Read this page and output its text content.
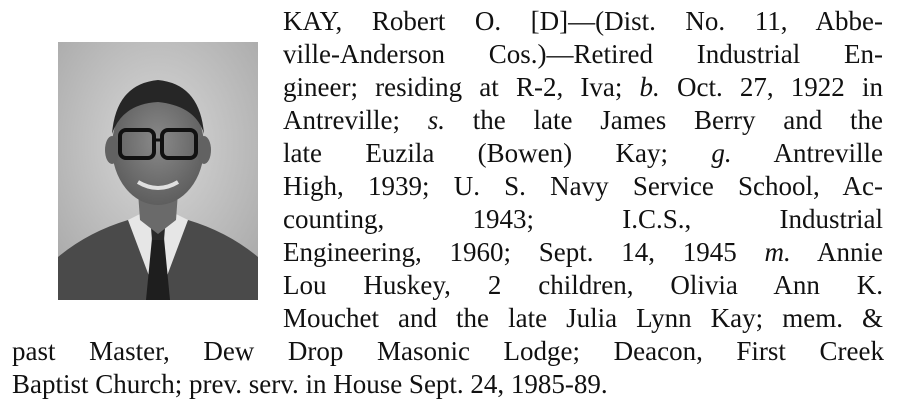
KAY, Robert O. [D]—(Dist. No. 11, Abbe-
ville-Anderson Cos.)—Retired Industrial En-
gineer; residing at R-2, Iva; b. Oct. 27, 1922 in
Antreville; s. the late James Berry and the
late Euzila (Bowen) Kay; g. Antreville
High, 1939; U. S. Navy Service School, Ac-
counting, 1943; I.C.S., Industrial
Engineering, 1960; Sept. 14, 1945 m. Annie
Lou Huskey, 2 children, Olivia Ann K.
Mouchet and the late Julia Lynn Kay; mem. &
past Master, Dew Drop Masonic Lodge; Deacon, First Creek
Baptist Church; prev. serv. in House Sept. 24, 1985-89.
